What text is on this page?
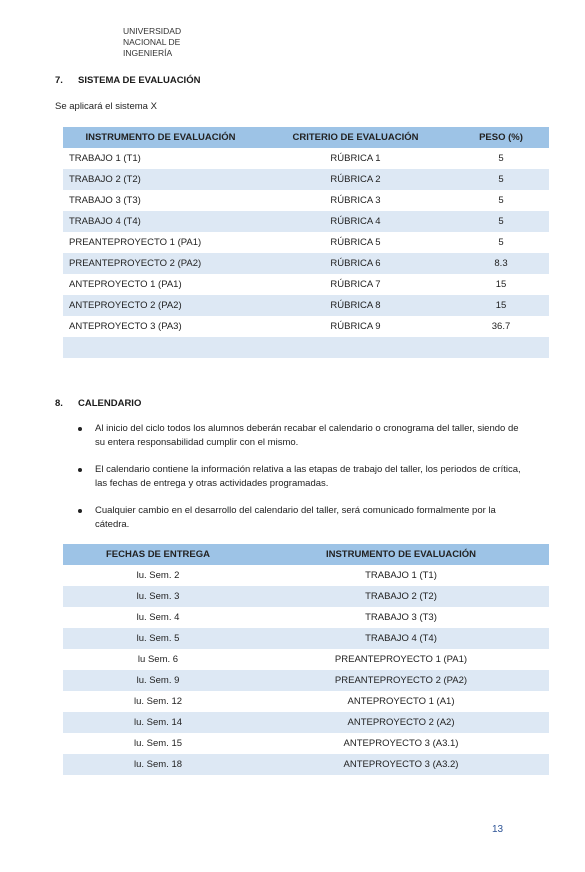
UNIVERSIDAD
NACIONAL DE
INGENIERÍA
7. SISTEMA DE EVALUACIÓN
Se aplicará el sistema X
INSTRUMENTO DE EVALUACIÓN	CRITERIO DE EVALUACIÓN	PESO (%)
TRABAJO 1 (T1)	RÚBRICA 1	5
TRABAJO 2 (T2)	RÚBRICA 2	5
TRABAJO 3 (T3)	RÚBRICA 3	5
TRABAJO 4 (T4)	RÚBRICA 4	5
PREANTEPROYECTO 1 (PA1)	RÚBRICA 5	5
PREANTEPROYECTO 2 (PA2)	RÚBRICA 6	8.3
ANTEPROYECTO 1 (PA1)	RÚBRICA 7	15
ANTEPROYECTO 2 (PA2)	RÚBRICA 8	15
ANTEPROYECTO 3 (PA3)	RÚBRICA 9	36.7

8. CALENDARIO
Al inicio del ciclo todos los alumnos deberán recabar el calendario o cronograma del taller, siendo de su entera responsabilidad cumplir con el mismo.
El calendario contiene la información relativa a las etapas de trabajo del taller, los periodos de crítica, las fechas de entrega y otras actividades programadas.
Cualquier cambio en el desarrollo del calendario del taller, será comunicado formalmente por la cátedra.
FECHAS DE ENTREGA	INSTRUMENTO DE EVALUACIÓN
lu. Sem. 2	TRABAJO 1 (T1)
lu. Sem. 3	TRABAJO 2 (T2)
lu. Sem. 4	TRABAJO 3 (T3)
lu. Sem. 5	TRABAJO 4 (T4)
lu Sem. 6	PREANTEPROYECTO 1 (PA1)
lu. Sem. 9	PREANTEPROYECTO 2 (PA2)
lu. Sem. 12	ANTEPROYECTO 1 (A1)
lu. Sem. 14	ANTEPROYECTO 2 (A2)
lu. Sem. 15	ANTEPROYECTO 3 (A3.1)
lu. Sem. 18	ANTEPROYECTO 3 (A3.2)
13
